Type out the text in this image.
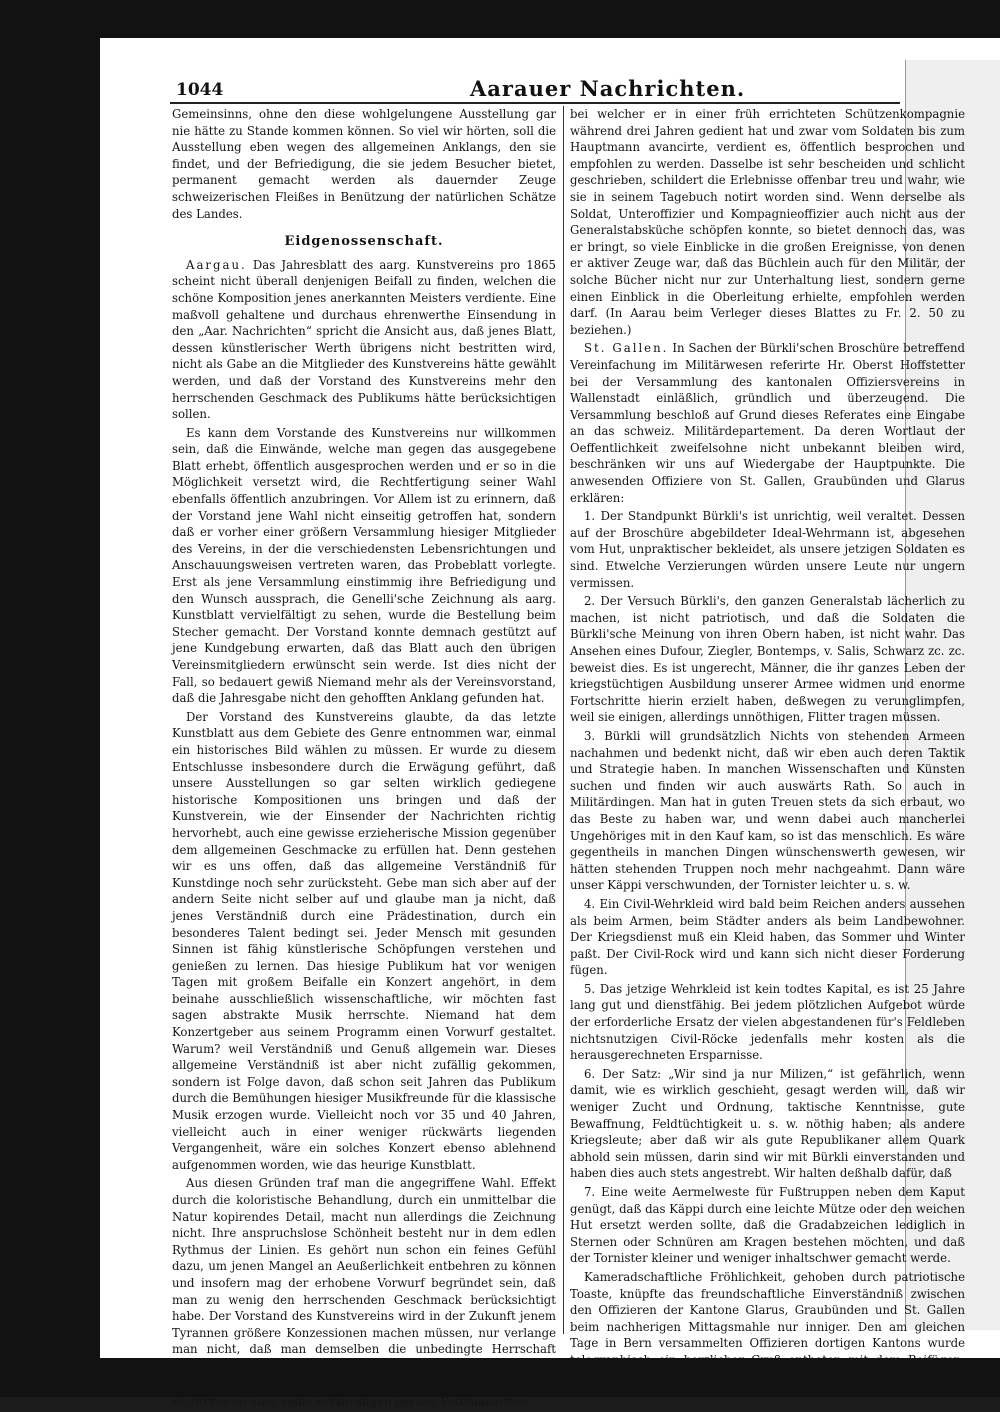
1044	Aarauer Nachrichten.

Gemeinsinns, ohne den diese wohlgelungene Ausstellung gar nie hätte zu Stande kommen können. So viel wir hörten, soll die Ausstellung eben wegen des allgemeinen Anklangs, den sie findet, und der Befriedigung, die sie jedem Besucher bietet, permanent gemacht werden als dauernder Zeuge schweizerischen Fleißes in Benützung der natürlichen Schätze des Landes.

Eidgenossenschaft.

Aargau. Das Jahresblatt des aarg. Kunstvereins pro 1865 scheint nicht überall denjenigen Beifall zu finden, welchen die schöne Komposition jenes anerkannten Meisters verdiente. Eine maßvoll gehaltene und durchaus ehrenwerthe Einsendung in den „Aar. Nachrichten“ spricht die Ansicht aus, daß jenes Blatt, dessen künstlerischer Werth übrigens nicht bestritten wird, nicht als Gabe an die Mitglieder des Kunstvereins hätte gewählt werden, und daß der Vorstand des Kunstvereins mehr den herrschenden Geschmack des Publikums hätte berücksichtigen sollen.

Es kann dem Vorstande des Kunstvereins nur willkommen sein, daß die Einwände, welche man gegen das ausgegebene Blatt erhebt, öffentlich ausgesprochen werden und er so in die Möglichkeit versetzt wird, die Rechtfertigung seiner Wahl ebenfalls öffentlich anzubringen. Vor Allem ist zu erinnern, daß der Vorstand jene Wahl nicht einseitig getroffen hat, sondern daß er vorher einer größern Versammlung hiesiger Mitglieder des Vereins, in der die verschiedensten Lebensrichtungen und Anschauungsweisen vertreten waren, das Probeblatt vorlegte. Erst als jene Versammlung einstimmig ihre Befriedigung und den Wunsch aussprach, die Genelli'sche Zeichnung als aarg. Kunstblatt vervielfältigt zu sehen, wurde die Bestellung beim Stecher gemacht. Der Vorstand konnte demnach gestützt auf jene Kundgebung erwarten, daß das Blatt auch den übrigen Vereinsmitgliedern erwünscht sein werde. Ist dies nicht der Fall, so bedauert gewiß Niemand mehr als der Vereinsvorstand, daß die Jahresgabe nicht den gehofften Anklang gefunden hat.

Der Vorstand des Kunstvereins glaubte, da das letzte Kunstblatt aus dem Gebiete des Genre entnommen war, einmal ein historisches Bild wählen zu müssen. Er wurde zu diesem Entschlusse insbesondere durch die Erwägung geführt, daß unsere Ausstellungen so gar selten wirklich gediegene historische Kompositionen uns bringen und daß der Kunstverein, wie der Einsender der Nachrichten richtig hervorhebt, auch eine gewisse erzieherische Mission gegenüber dem allgemeinen Geschmacke zu erfüllen hat. Denn gestehen wir es uns offen, daß das allgemeine Verständniß für Kunstdinge noch sehr zurücksteht. Gebe man sich aber auf der andern Seite nicht selber auf und glaube man ja nicht, daß jenes Verständniß durch eine Prädestination, durch ein besonderes Talent bedingt sei. Jeder Mensch mit gesunden Sinnen ist fähig künstlerische Schöpfungen verstehen und genießen zu lernen. Das hiesige Publikum hat vor wenigen Tagen mit großem Beifalle ein Konzert angehört, in dem beinahe ausschließlich wissenschaftliche, wir möchten fast sagen abstrakte Musik herrschte. Niemand hat dem Konzertgeber aus seinem Programm einen Vorwurf gestaltet. Warum? weil Verständniß und Genuß allgemein war. Dieses allgemeine Verständniß ist aber nicht zufällig gekommen, sondern ist Folge davon, daß schon seit Jahren das Publikum durch die Bemühungen hiesiger Musikfreunde für die klassische Musik erzogen wurde. Vielleicht noch vor 35 und 40 Jahren, vielleicht auch in einer weniger rückwärts liegenden Vergangenheit, wäre ein solches Konzert ebenso ablehnend aufgenommen worden, wie das heurige Kunstblatt.

Aus diesen Gründen traf man die angegriffene Wahl. Effekt durch die koloristische Behandlung, durch ein unmittelbar die Natur kopirendes Detail, macht nun allerdings die Zeichnung nicht. Ihre anspruchslose Schönheit besteht nur in dem edlen Rythmus der Linien. Es gehört nun schon ein feines Gefühl dazu, um jenen Mangel an Aeußerlichkeit entbehren zu können und insofern mag der erhobene Vorwurf begründet sein, daß man zu wenig den herrschenden Geschmack berücksichtigt habe. Der Vorstand des Kunstvereins wird in der Zukunft jenem Tyrannen größere Konzessionen machen müssen, nur verlange man nicht, daß man demselben die unbedingte Herrschaft zugestehe.

Zürich. Das Büchlein des Hrn. Hauptmann Aschmann von Richtersweil über seine Erfahrungen bei der Potomakarmee

bei welcher er in einer früh errichteten Schützenkompagnie während drei Jahren gedient hat und zwar vom Soldaten bis zum Hauptmann avancirte, verdient es, öffentlich besprochen und empfohlen zu werden. Dasselbe ist sehr bescheiden und schlicht geschrieben, schildert die Erlebnisse offenbar treu und wahr, wie sie in seinem Tagebuch notirt worden sind. Wenn derselbe als Soldat, Unteroffizier und Kompagnieoffizier auch nicht aus der Generalstabsküche schöpfen konnte, so bietet dennoch das, was er bringt, so viele Einblicke in die großen Ereignisse, von denen er aktiver Zeuge war, daß das Büchlein auch für den Militär, der solche Bücher nicht nur zur Unterhaltung liest, sondern gerne einen Einblick in die Oberleitung erhielte, empfohlen werden darf. (In Aarau beim Verleger dieses Blattes zu Fr. 2. 50 zu beziehen.)

St. Gallen. In Sachen der Bürkli'schen Broschüre betreffend Vereinfachung im Militärwesen referirte Hr. Oberst Hoffstetter bei der Versammlung des kantonalen Offiziersvereins in Wallenstadt einläßlich, gründlich und überzeugend. Die Versammlung beschloß auf Grund dieses Referates eine Eingabe an das schweiz. Militärdepartement. Da deren Wortlaut der Oeffentlichkeit zweifelsohne nicht unbekannt bleiben wird, beschränken wir uns auf Wiedergabe der Hauptpunkte. Die anwesenden Offiziere von St. Gallen, Graubünden und Glarus erklären:

1. Der Standpunkt Bürkli's ist unrichtig, weil veraltet. Dessen auf der Broschüre abgebildeter Ideal-Wehrmann ist, abgesehen vom Hut, unpraktischer bekleidet, als unsere jetzigen Soldaten es sind. Etwelche Verzierungen würden unsere Leute nur ungern vermissen.

2. Der Versuch Bürkli's, den ganzen Generalstab lächerlich zu machen, ist nicht patriotisch, und daß die Soldaten die Bürkli'sche Meinung von ihren Obern haben, ist nicht wahr. Das Ansehen eines Dufour, Ziegler, Bontemps, v. Salis, Schwarz zc. zc. beweist dies. Es ist ungerecht, Männer, die ihr ganzes Leben der kriegstüchtigen Ausbildung unserer Armee widmen und enorme Fortschritte hierin erzielt haben, deßwegen zu verunglimpfen, weil sie einigen, allerdings unnöthigen, Flitter tragen müssen.

3. Bürkli will grundsätzlich Nichts von stehenden Armeen nachahmen und bedenkt nicht, daß wir eben auch deren Taktik und Strategie haben. In manchen Wissenschaften und Künsten suchen und finden wir auch auswärts Rath. So auch in Militärdingen. Man hat in guten Treuen stets da sich erbaut, wo das Beste zu haben war, und wenn dabei auch mancherlei Ungehöriges mit in den Kauf kam, so ist das menschlich. Es wäre gegentheils in manchen Dingen wünschenswerth gewesen, wir hätten stehenden Truppen noch mehr nachgeahmt. Dann wäre unser Käppi verschwunden, der Tornister leichter u. s. w.

4. Ein Civil-Wehrkleid wird bald beim Reichen anders aussehen als beim Armen, beim Städter anders als beim Landbewohner. Der Kriegsdienst muß ein Kleid haben, das Sommer und Winter paßt. Der Civil-Rock wird und kann sich nicht dieser Forderung fügen.

5. Das jetzige Wehrkleid ist kein todtes Kapital, es ist 25 Jahre lang gut und dienstfähig. Bei jedem plötzlichen Aufgebot würde der erforderliche Ersatz der vielen abgestandenen für's Feldleben nichtsnutzigen Civil-Röcke jedenfalls mehr kosten als die herausgerechneten Ersparnisse.

6. Der Satz: „Wir sind ja nur Milizen,“ ist gefährlich, wenn damit, wie es wirklich geschieht, gesagt werden will, daß wir weniger Zucht und Ordnung, taktische Kenntnisse, gute Bewaffnung, Feldtüchtigkeit u. s. w. nöthig haben; als andere Kriegsleute; aber daß wir als gute Republikaner allem Quark abhold sein müssen, darin sind wir mit Bürkli einverstanden und haben dies auch stets angestrebt. Wir halten deßhalb dafür, daß

7. Eine weite Aermelweste für Fußtruppen neben dem Kaput genügt, daß das Käppi durch eine leichte Mütze oder den weichen Hut ersetzt werden sollte, daß die Gradabzeichen lediglich in Sternen oder Schnüren am Kragen bestehen möchten, und daß der Tornister kleiner und weniger inhaltschwer gemacht werde.

Kameradschaftliche Fröhlichkeit, gehoben durch patriotische Toaste, knüpfte das freundschaftliche Einverständniß zwischen den Offizieren der Kantone Glarus, Graubünden und St. Gallen beim nachherigen Mittagsmahle nur inniger. Den am gleichen Tage in Bern versammelten Offizieren dortigen Kantons wurde telegraphisch ein herzlicher Gruß entboten mit dem Beifügen: „Wir sind einig in der Beibehaltung eines besondern Wehrkleides; aber fort mit allem die Wehrkraft nicht fördernden Tande.“
